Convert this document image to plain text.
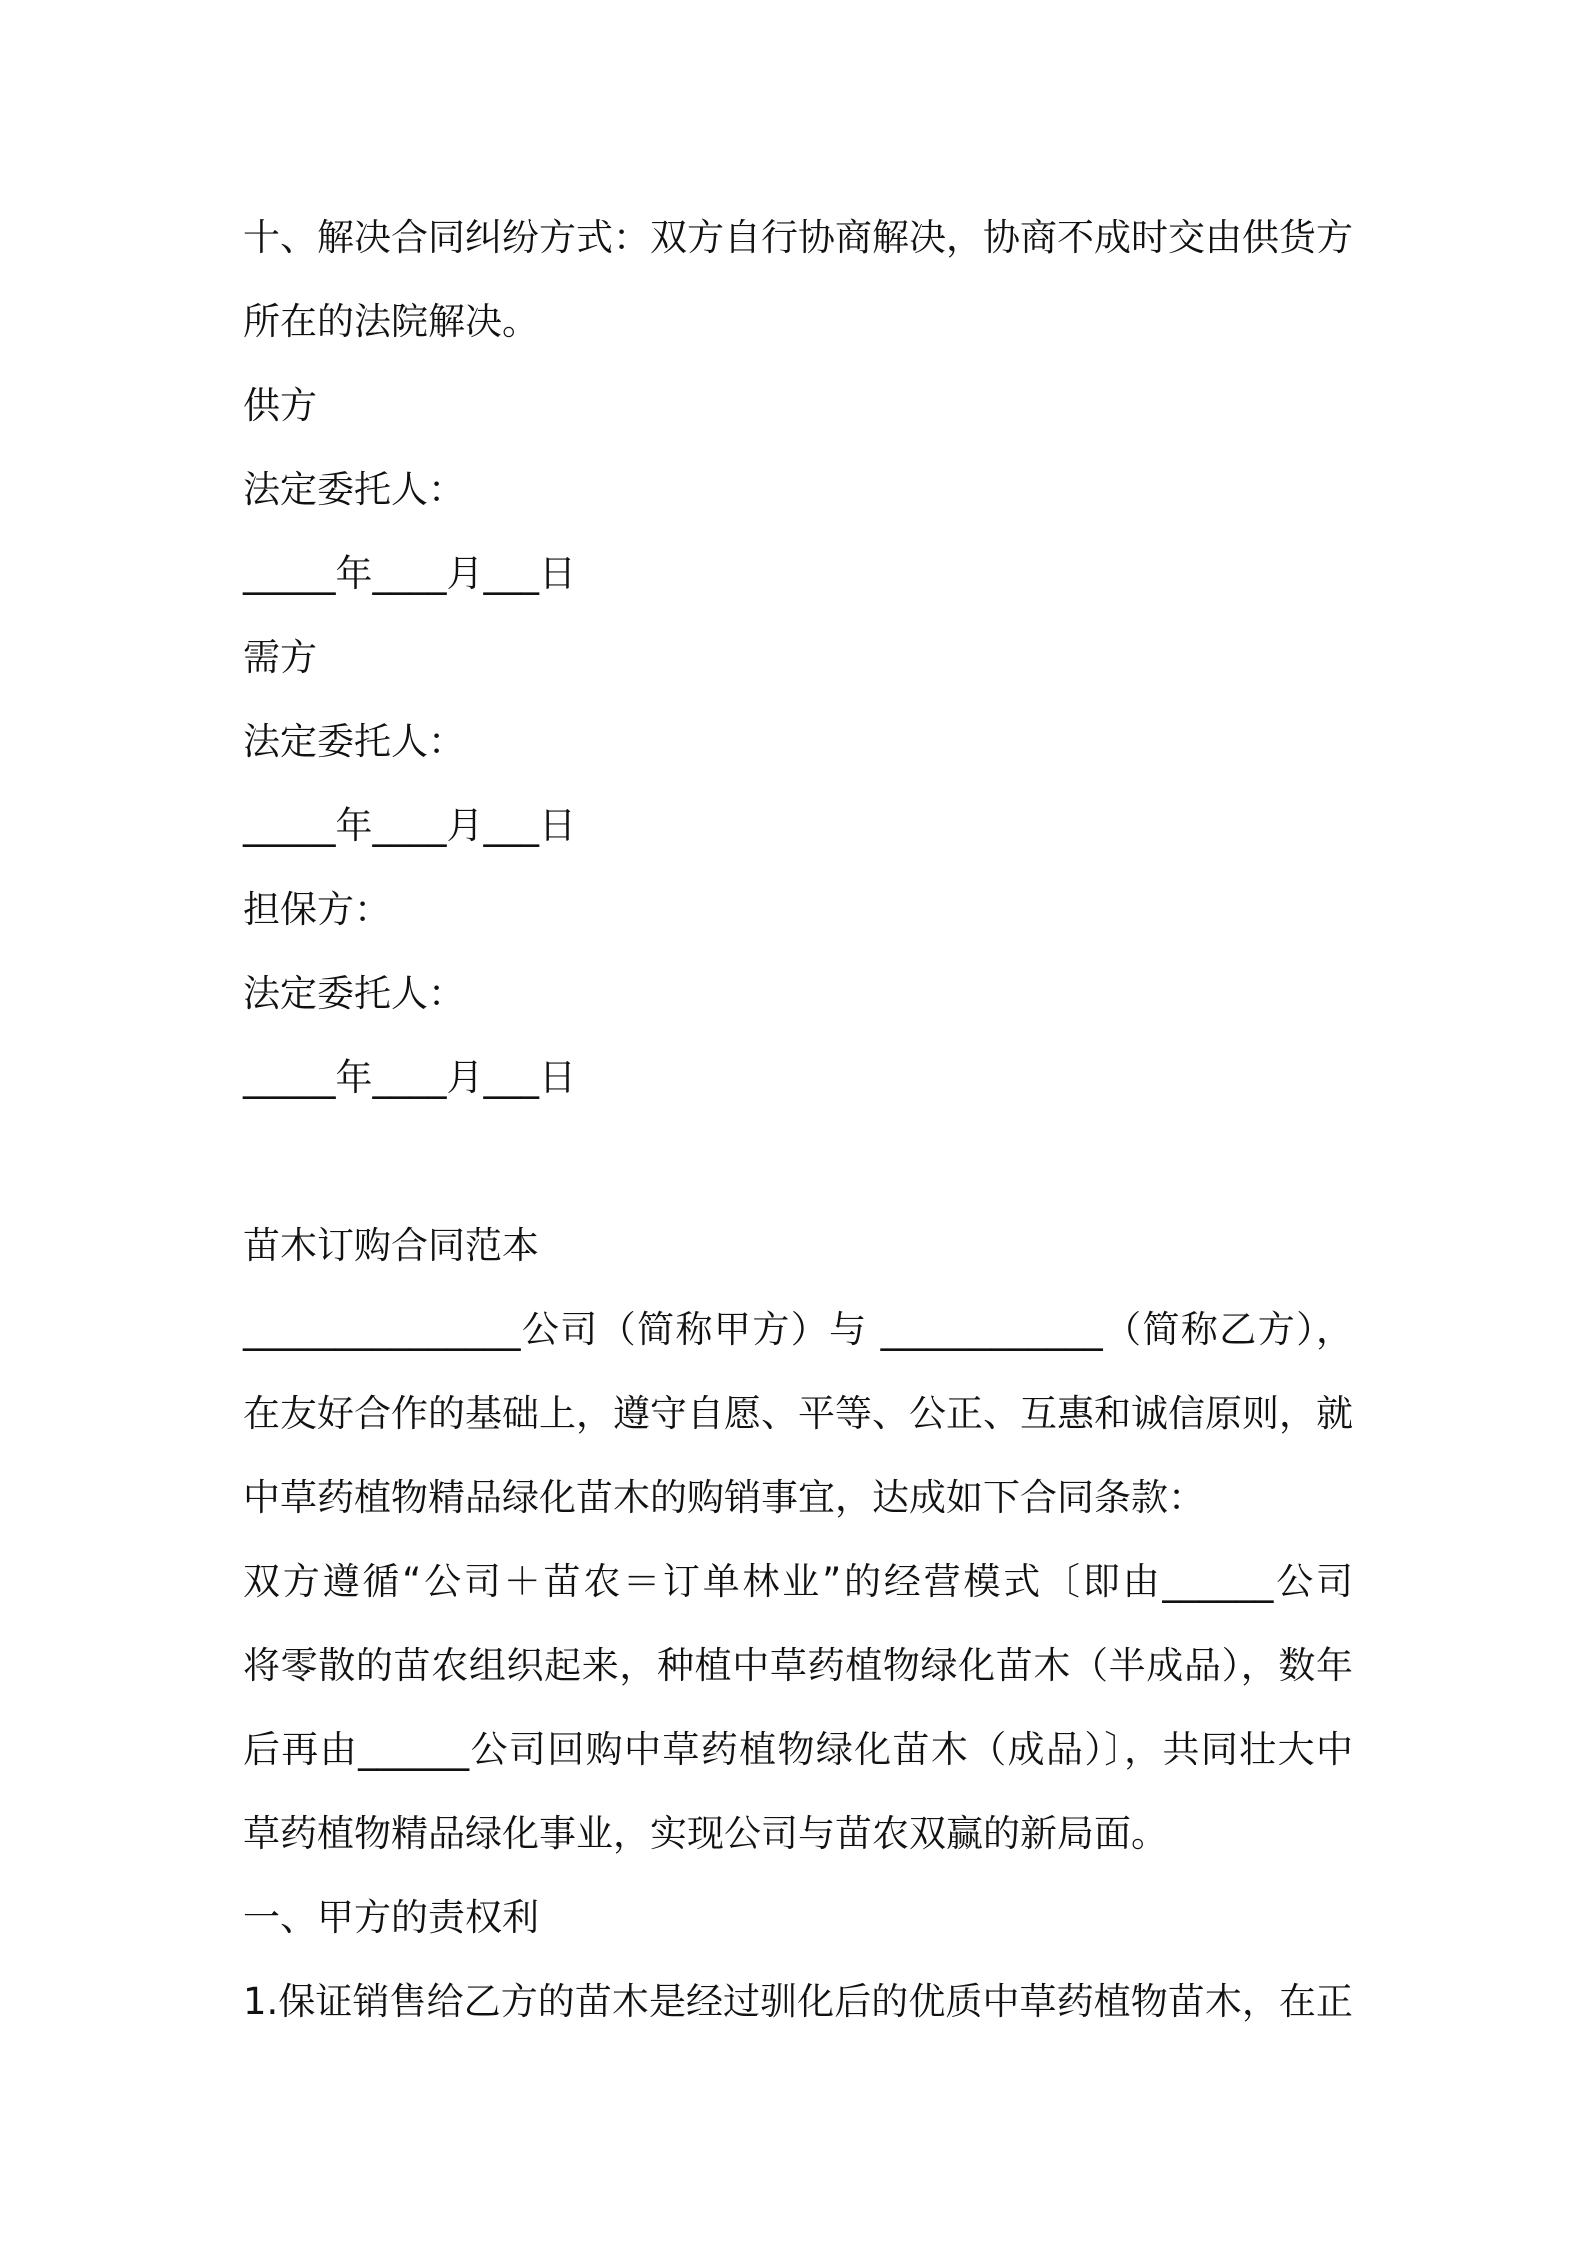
十、解决合同纠纷方式：双方自行协商解决，协商不成时交由供货方

所在的法院解决。

供方

法定委托人：

_____年____月___日

需方

法定委托人：

_____年____月___日

担保方：

法定委托人：

_____年____月___日

苗木订购合同范本

_______________公司（简称甲方）与 ____________（简称乙方），

在友好合作的基础上，遵守自愿、平等、公正、互惠和诚信原则，就

中草药植物精品绿化苗木的购销事宜，达成如下合同条款：

双方遵循“公司＋苗农＝订单林业”的经营模式〔即由______公司

将零散的苗农组织起来，种植中草药植物绿化苗木（半成品），数年

后再由______公司回购中草药植物绿化苗木（成品）〕，共同壮大中

草药植物精品绿化事业，实现公司与苗农双赢的新局面。

一、甲方的责权利

1.保证销售给乙方的苗木是经过驯化后的优质中草药植物苗木，在正
